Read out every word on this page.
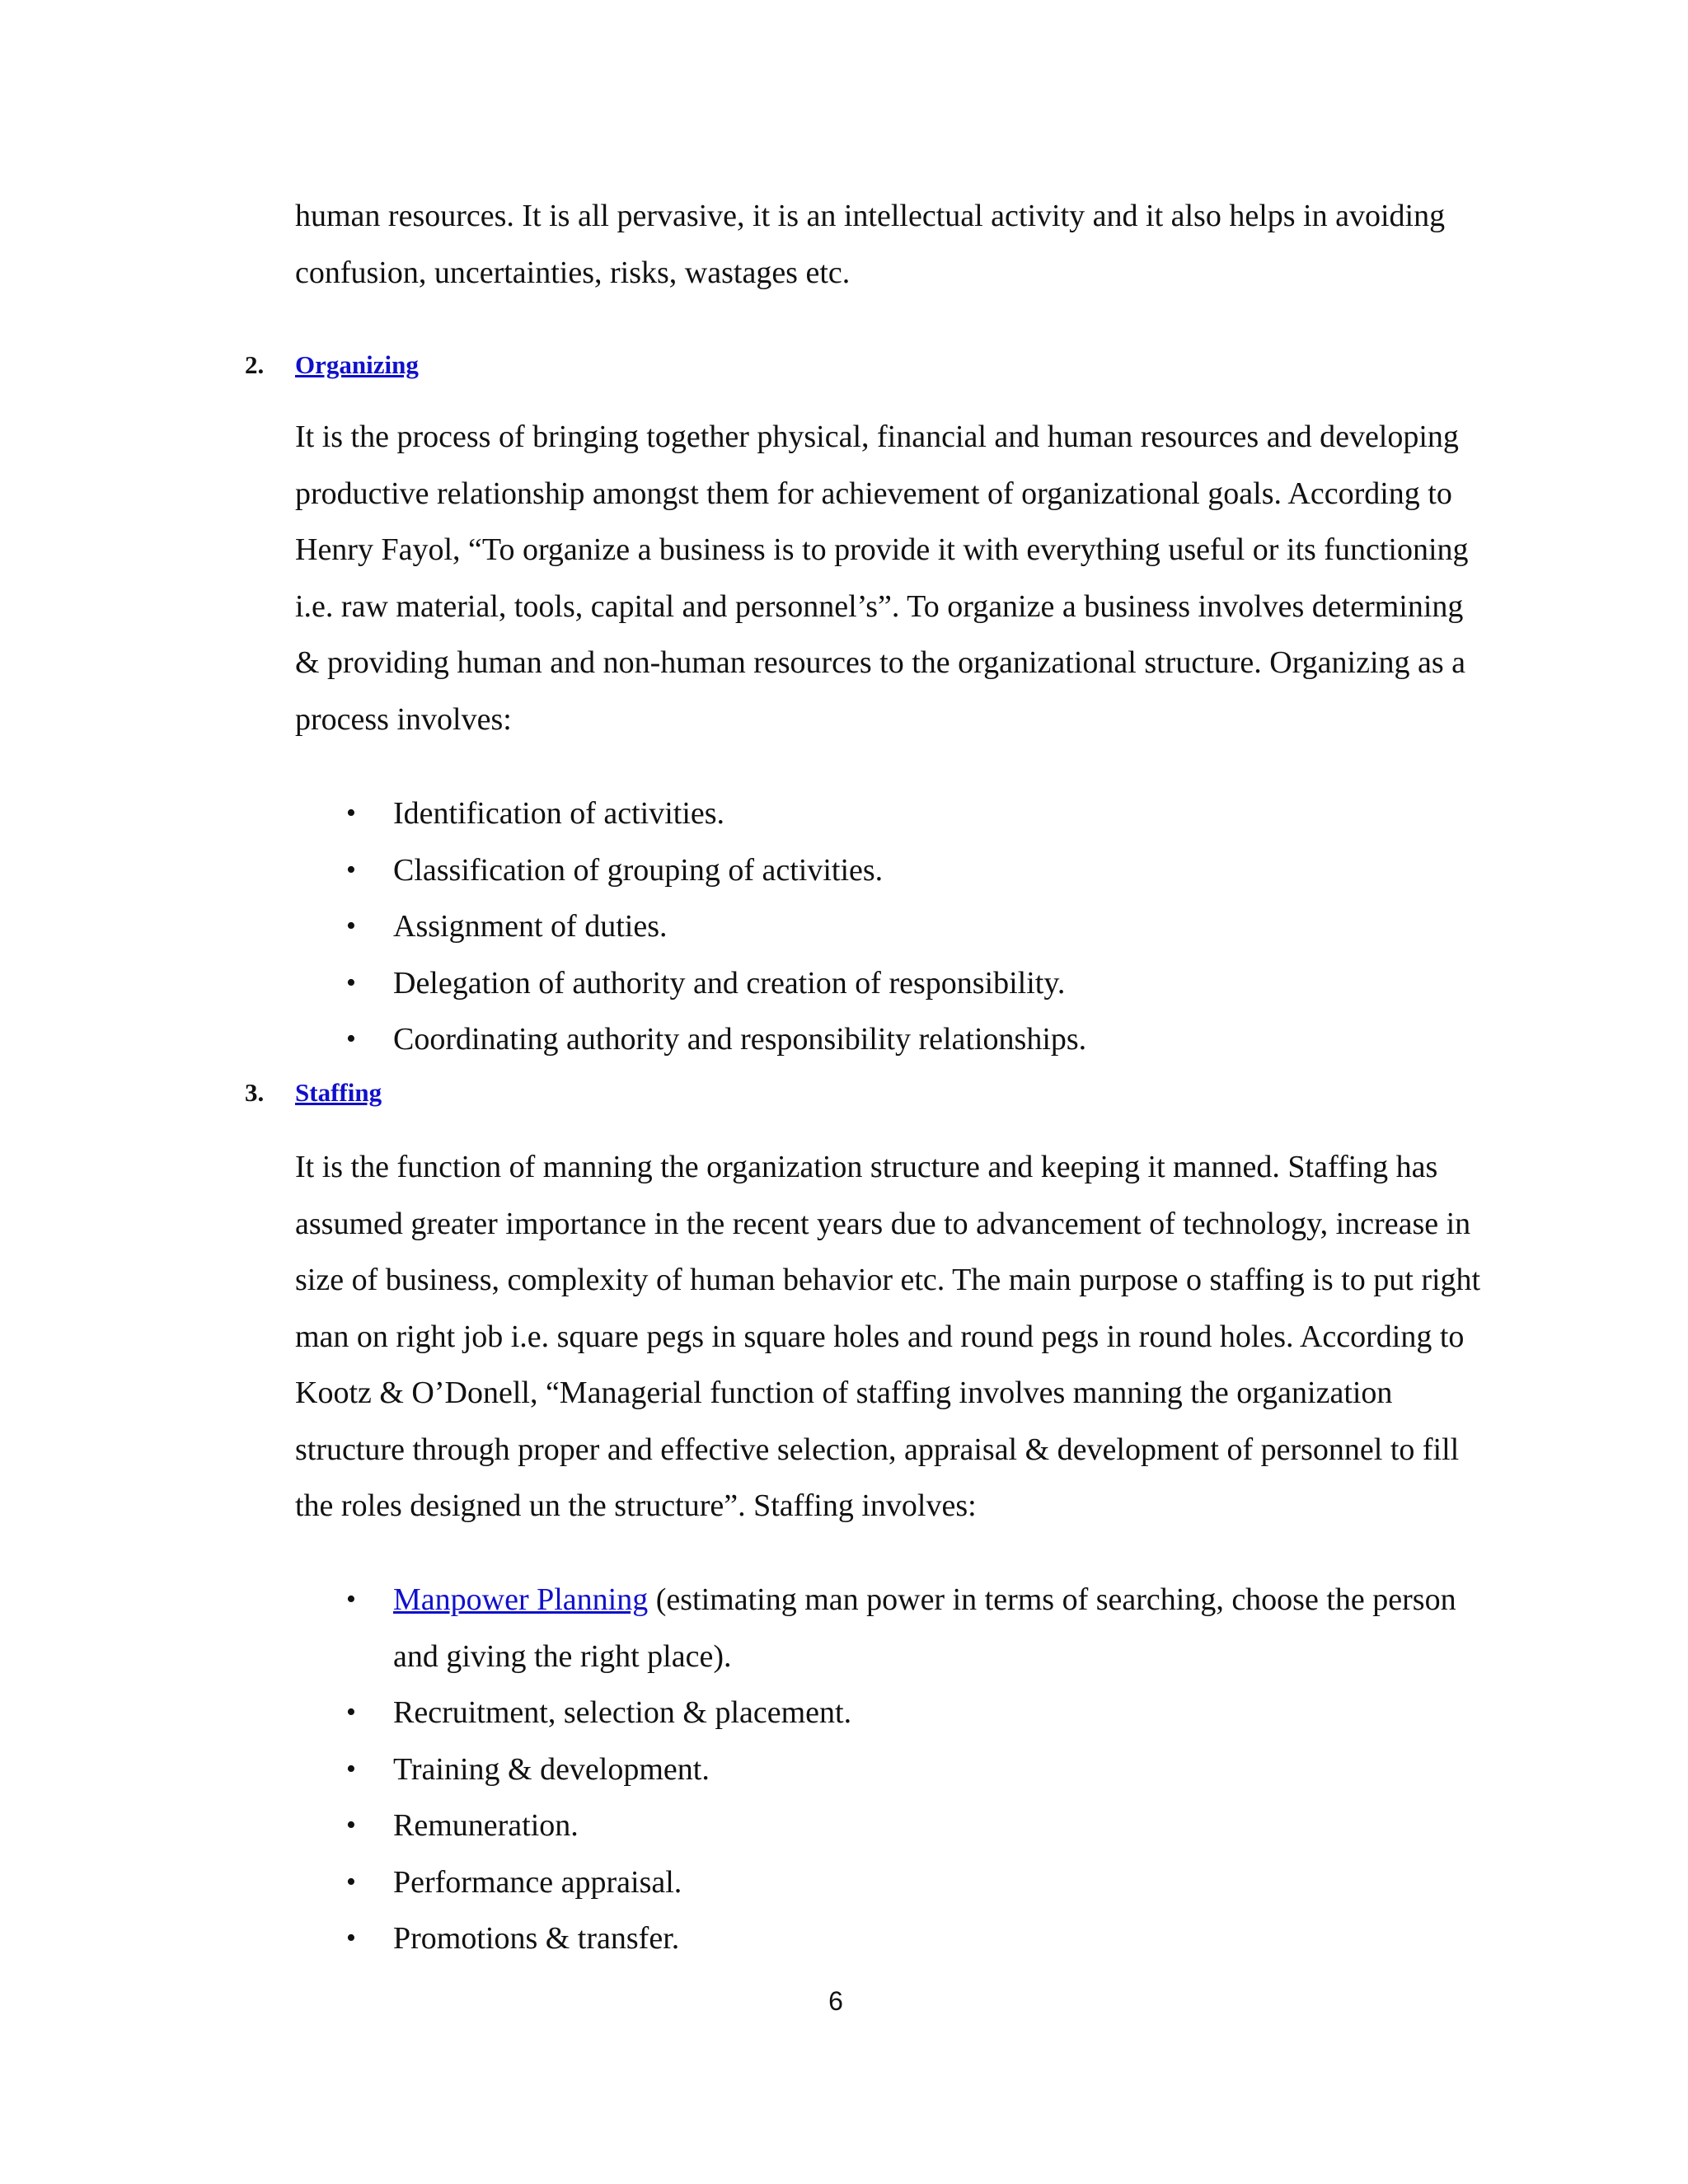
human resources. It is all pervasive, it is an intellectual activity and it also helps in avoiding confusion, uncertainties, risks, wastages etc.

2. Organizing

It is the process of bringing together physical, financial and human resources and developing productive relationship amongst them for achievement of organizational goals. According to Henry Fayol, “To organize a business is to provide it with everything useful or its functioning i.e. raw material, tools, capital and personnel’s”. To organize a business involves determining & providing human and non-human resources to the organizational structure. Organizing as a process involves:

• Identification of activities.
• Classification of grouping of activities.
• Assignment of duties.
• Delegation of authority and creation of responsibility.
• Coordinating authority and responsibility relationships.
3. Staffing

It is the function of manning the organization structure and keeping it manned. Staffing has assumed greater importance in the recent years due to advancement of technology, increase in size of business, complexity of human behavior etc. The main purpose o staffing is to put right man on right job i.e. square pegs in square holes and round pegs in round holes. According to Kootz & O’Donell, “Managerial function of staffing involves manning the organization structure through proper and effective selection, appraisal & development of personnel to fill the roles designed un the structure”. Staffing involves:

• Manpower Planning (estimating man power in terms of searching, choose the person and giving the right place).
• Recruitment, selection & placement.
• Training & development.
• Remuneration.
• Performance appraisal.
• Promotions & transfer.
6
